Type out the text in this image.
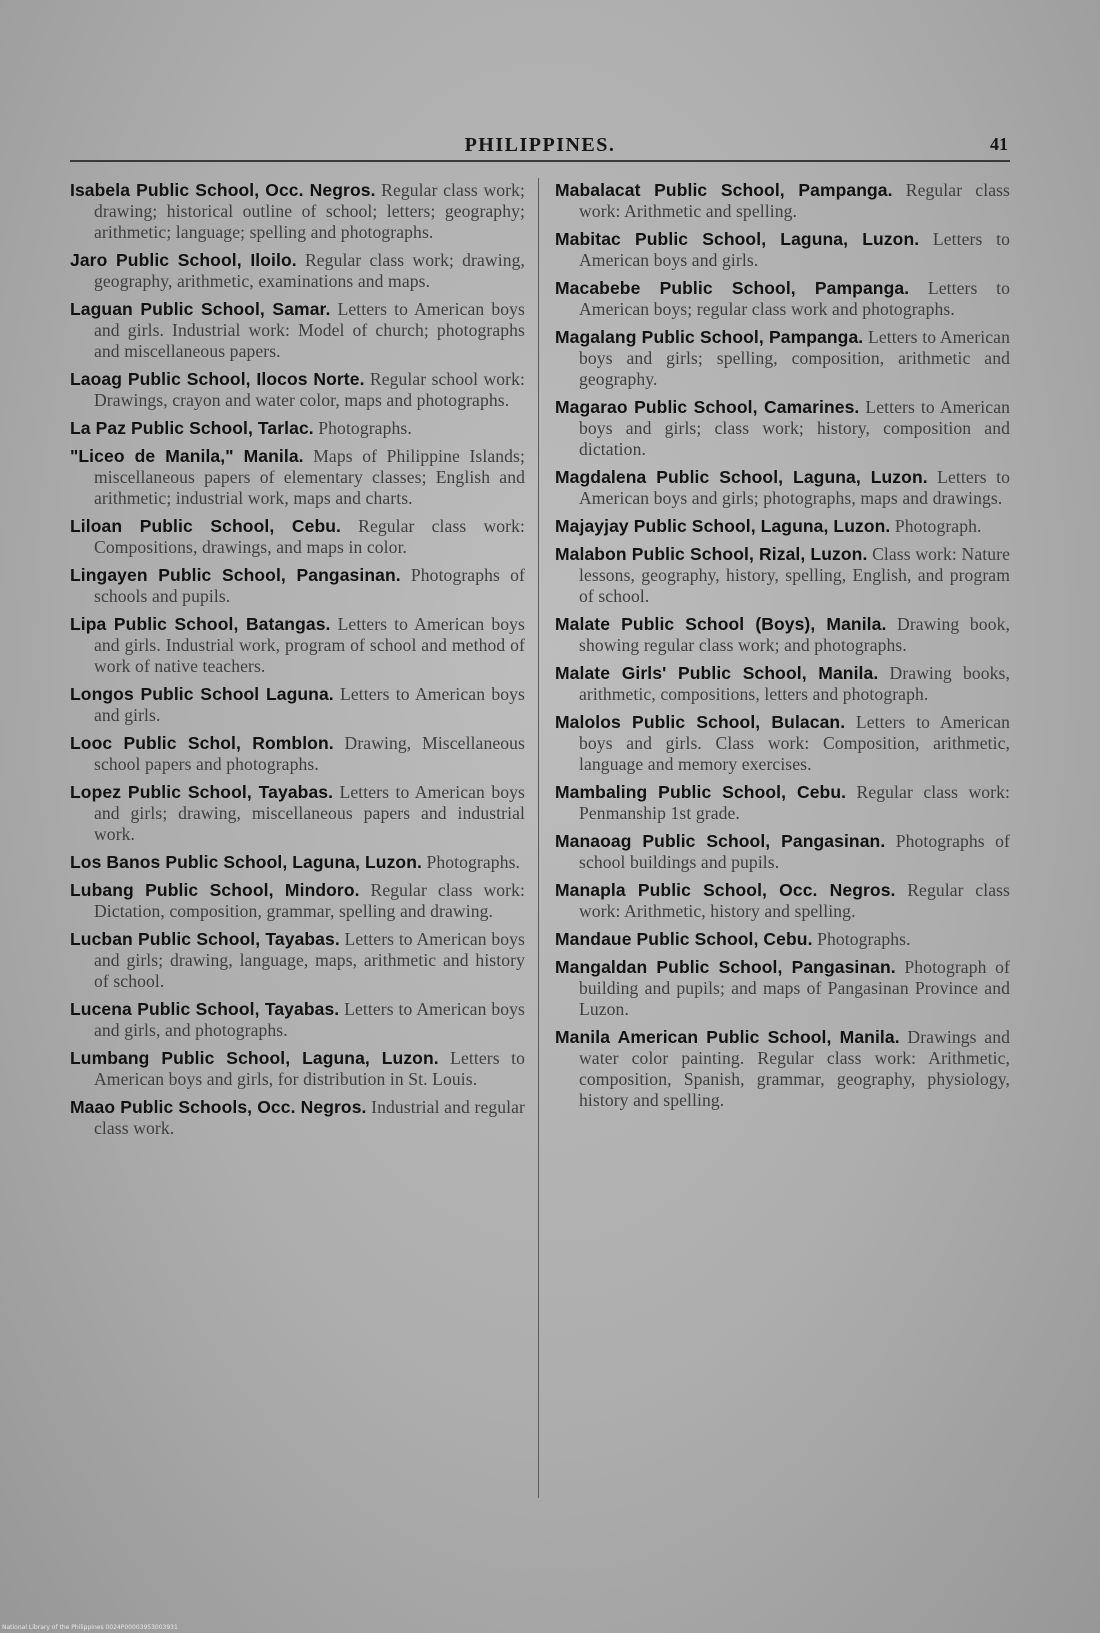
PHILIPPINES.	41

Isabela Public School, Occ. Negros. Regular class work; drawing; historical outline of school; letters; geography; arithmetic; language; spelling and photographs.

Jaro Public School, Iloilo. Regular class work; drawing, geography, arithmetic, examinations and maps.

Laguan Public School, Samar. Letters to American boys and girls. Industrial work: Model of church; photographs and miscellaneous papers.

Laoag Public School, Ilocos Norte. Regular school work: Drawings, crayon and water color, maps and photographs.

La Paz Public School, Tarlac. Photographs.

"Liceo de Manila," Manila. Maps of Philippine Islands; miscellaneous papers of elementary classes; English and arithmetic; industrial work, maps and charts.

Liloan Public School, Cebu. Regular class work: Compositions, drawings, and maps in color.

Lingayen Public School, Pangasinan. Photographs of schools and pupils.

Lipa Public School, Batangas. Letters to American boys and girls. Industrial work, program of school and method of work of native teachers.

Longos Public School Laguna. Letters to American boys and girls.

Looc Public Schol, Romblon. Drawing, Miscellaneous school papers and photographs.

Lopez Public School, Tayabas. Letters to American boys and girls; drawing, miscellaneous papers and industrial work.

Los Banos Public School, Laguna, Luzon. Photographs.

Lubang Public School, Mindoro. Regular class work: Dictation, composition, grammar, spelling and drawing.

Lucban Public School, Tayabas. Letters to American boys and girls; drawing, language, maps, arithmetic and history of school.

Lucena Public School, Tayabas. Letters to American boys and girls, and photographs.

Lumbang Public School, Laguna, Luzon. Letters to American boys and girls, for distribution in St. Louis.

Maao Public Schools, Occ. Negros. Industrial and regular class work.

Mabalacat Public School, Pampanga. Regular class work: Arithmetic and spelling.

Mabitac Public School, Laguna, Luzon. Letters to American boys and girls.

Macabebe Public School, Pampanga. Letters to American boys; regular class work and photographs.

Magalang Public School, Pampanga. Letters to American boys and girls; spelling, composition, arithmetic and geography.

Magarao Public School, Camarines. Letters to American boys and girls; class work; history, composition and dictation.

Magdalena Public School, Laguna, Luzon. Letters to American boys and girls; photographs, maps and drawings.

Majayjay Public School, Laguna, Luzon. Photograph.

Malabon Public School, Rizal, Luzon. Class work: Nature lessons, geography, history, spelling, English, and program of school.

Malate Public School (Boys), Manila. Drawing book, showing regular class work; and photographs.

Malate Girls' Public School, Manila. Drawing books, arithmetic, compositions, letters and photograph.

Malolos Public School, Bulacan. Letters to American boys and girls. Class work: Composition, arithmetic, language and memory exercises.

Mambaling Public School, Cebu. Regular class work: Penmanship 1st grade.

Manaoag Public School, Pangasinan. Photographs of school buildings and pupils.

Manapla Public School, Occ. Negros. Regular class work: Arithmetic, history and spelling.

Mandaue Public School, Cebu. Photographs.

Mangaldan Public School, Pangasinan. Photograph of building and pupils; and maps of Pangasinan Province and Luzon.

Manila American Public School, Manila. Drawings and water color painting. Regular class work: Arithmetic, composition, Spanish, grammar, geography, physiology, history and spelling.

National Library of the Philippines 0024P00003953003931
